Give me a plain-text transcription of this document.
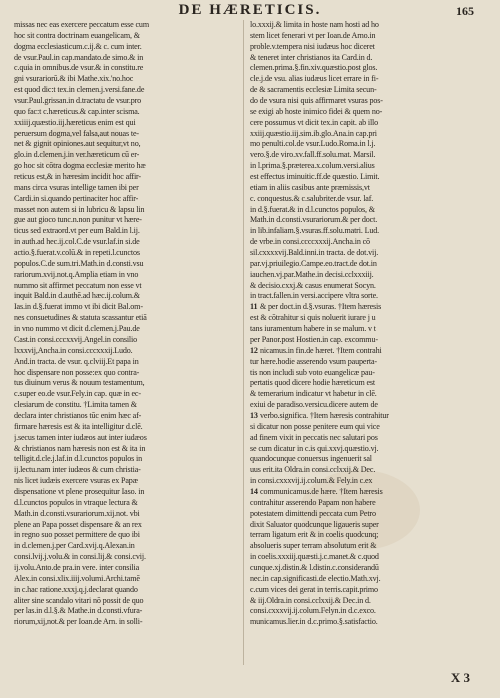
DE HÆRETICIS.	165
missas nec eas exercere peccatum esse cum
hoc sit contra doctrinam euangelicam, &
dogma ecclesiasticum.c.ij.& c. cum inter.
de vsur.Paul.in cap.mandato.de simo.& in
c.quia in omnibus.de vsur.& in constitu.re
gni vsurariorū.& ibi Mathe.xix.'no.hoc
est quod dic:t tex.in clemen.j.versi.fane.de
vsur.Paul.grissan.in d.tractatu de vsur.pro
quo fac:t c.hæreticus.& cap.inter scisma.
xxiiij.quæstio.iij.hæreticus enim est qui
peruersum dogma,vel falsa,aut nouas te-
net & gignit opiniones.aut sequitur,vt no,
glo.in d.clemen.j.in ver.hæreticum cū er-
go hoc sit cōtra dogma ecclesiæ merito hæ
reticus est,& in hæresim incidit hoc affir-
mans circa vsuras intellige tamen ibi per
Cardi.in si.quando pertinaciter hoc affir-
masset non autem si in lubricu & lapsu lin
gue aut gioco tunc.n.non punitur vt hære-
ticus sed extraord.vt per eum Bald.in l.ij.
in auth.ad hec.ij.col.C.de vsur.laf.in si.de
actio.§.fuerat.v.colū.& in repeti.l.cunctos
populos.C.de sum.tri.Math.in d.consti.vsu
rariorum.xvij.not.q.Amplia etiam in vno
nummo sit affirmet peccatum non esse vt
inquit Bald.in d.authē.ad hæc.ij.colum.&
Ias.in d.§.fuerat immo vt ibi dicit Bal.om-
nes consuetudines & statuta scassantur etiā
in vno nummo vt dicit d.clemen.j.Pau.de
Cast.in consi.cccxxvij.Angel.in consilio
lxxxvij,Ancha.in consi.cccxxxij.Ludo.
And.in tracta. de vsur. q.clviij.Et papa in
hoc dispensare non posse:ex quo contra-
tus diuinum verus & nouum testamentum,
c.super eo.de vsur.Fely.in cap. quæ in ec-
clesiarum de constitu. †Limita tamen &
declara inter christianos tūc enim hæc af-
firmare hæresis est & ita intelligitur d.clē.
j.secus tamen inter iudæos aut inter iudæos
& christianos nam hæresis non est & ita in
telligit.d.cle.j.laf.in d.l.cunctos populos in
ij.lectu.nam inter iudæos & cum christia-
nis licet iudæis exercere vsuras ex Papæ
dispensatione vt plene prosequitur Iaso. in
d.l.cunctos populos in vtraque lectura &
Math.in d.consti.vsurariorum.xij.not. vbi
plene an Papa posset dispensare & an rex
in regno suo posset permittere de quo ibi
in d.clemen.j.per Card.xvij.q.Alexan.in
consi.lvij.j.volu.& in consi.lij.& consi.cvij.
ij.volu.Anto.de pra.in vere. inter consilia
Alex.in consi.xlix.iiij.volumi.Archi.tamē
in c.hac ratione.xxxj.q.j.declarat quando
aliter sine scandalo vitari nō possit de quo
per las.in d.l.§.& Mathe.in d.consti.vfura-
riorum,xij,not.& per Ioan.de Arn. in solli-
lo.xxxij.& limita in hoste nam hosti ad ho
stem licet fenerari vt per Ioan.de Arno.in
proble.v.tempera nisi iudæus hoc diceret
& teneret inter christianos ita Card.in d.
clemen.prima.§.fin.xiv.quæstio.post glos.
cle.j.de vsu. alias iudæus licet errare in fi-
de & sacramentis ecclesiæ Limita secun-
do de vsura nisi quis affirmaret vsuras pos-
se exigi ab hoste inimico fidei & quem no-
cere possumus vt dicit tex.in capit. ab illo
xxiij.quæstio.iij.sim.ib.glo.Ana.in cap.pri
mo penulti.col.de vsur.Ludo.Roma.in l.j.
vero.§.de viro.xv.fall.ff.solu.mat. Marsil.
in l.prima.§.præterea.x.colum.versi.alius
est effectus iminuitic.ff.de quæstio. Limit.
etiam in aliis casibus ante præmissis,vt
c. conquestus.& c.salubriter.de vsur. laf.
in d.§.fuerat.& in d.l.cunctos populos, &
Math.in d.consti.vsurariorum.& per doct.
in lib.infaliam.§.vsuras.ff.solu.matri. Lud.
de vrbe.in consi.ccccxxxij.Ancha.in cō
sil.cxxxxvij.Bald.inni.in tracta. de dot.vij.
par.vj.priuilegio.Campe.eo.tract.de dot.in
iauchen.vj.par.Mathe.in decisi.cclxxxiij.
& decisio.cxxj.& casus enumerat Socyn.
in tract.fallen.in versi.accipere vltra sorte.
11 & per doct.in d.§.vsuras. †Item hæresis
est & cōtrahitur si quis noluerit iurare j u
tans iuramentum habere in se malum. v t
per Panor.post Hostien.in cap. excommu-
12 nicamus.in fin.de hæret. †Item contrahi
tur hære.hodie asserendo vsum pauperta-
tis non includi sub voto euangelicæ pau-
pertatis quod dicere hodie hæreticum est
& temerarium indicatur vt habetur in clē.
exiui de paradiso.versicu.dicere autem de
13 verbo.significa. †Item hæresis contrahitur
si dicatur non posse penitere eum qui vice
ad finem vixit in peccatis nec salutari pos
se cum dicatur in c.is qui.xxvj.quæstio.vj.
quandocunque conuersus ingenuerit sal
uus erit.ita Oldra.in consi.cclxxij.& Dec.
in consi.cxxxvij.ij.colum.& Fely.in c.ex
14 communicamus.de hære. †Item hæresis
contrahitur asserendo Papam non habere
potestatem dimittendi peccata cum Petro
dixit Saluator quodcunque ligaueris super
terram ligatum erit & in coelis quodcunq;
absolueris super terram absolutum erit &
in coelis.xxxiij.quæsti.j.c.manet.& c.quod
cunque.xj.distin.& l.distin.c.considerandū
nec.in cap.significasti.de electio.Math.xvj.
c.cum vices dei gerat in terris.capit.primo
& iij.Oldra.in consi.cclxxij.& Dec.in d.
consi.cxxxvij.ij.colum.Felyn.in d.c.exco.
municamus.lier.in d.c.primo.§.satisfactio.
X 3
